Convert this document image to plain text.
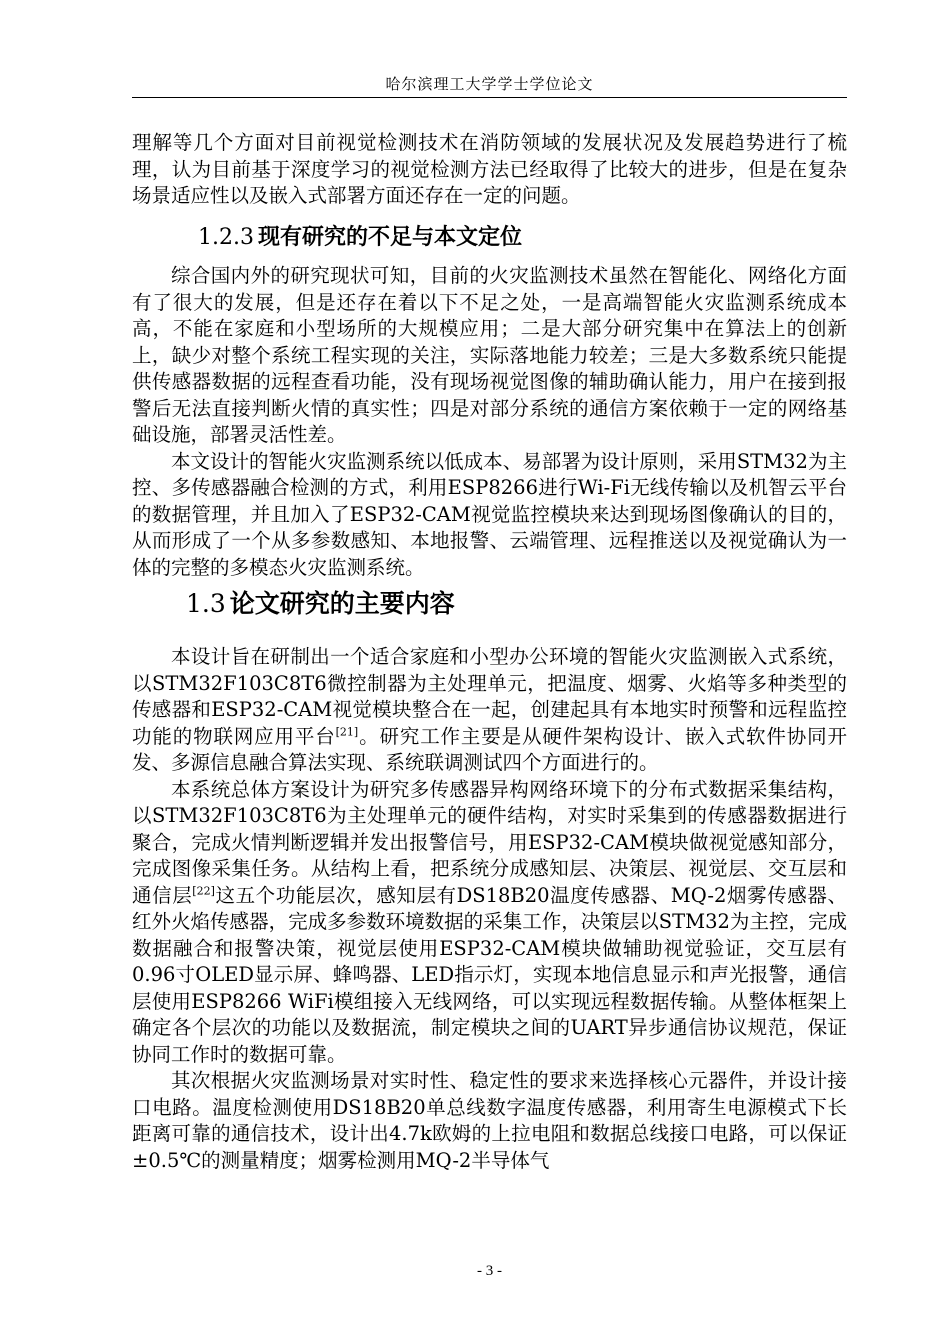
哈尔滨理工大学学士学位论文

理解等几个方面对目前视觉检测技术在消防领域的发展状况及发展趋势进行了梳理，认为目前基于深度学习的视觉检测方法已经取得了比较大的进步，但是在复杂场景适应性以及嵌入式部署方面还存在一定的问题。

1.2.3 现有研究的不足与本文定位

综合国内外的研究现状可知，目前的火灾监测技术虽然在智能化、网络化方面有了很大的发展，但是还存在着以下不足之处，一是高端智能火灾监测系统成本高，不能在家庭和小型场所的大规模应用；二是大部分研究集中在算法上的创新上，缺少对整个系统工程实现的关注，实际落地能力较差；三是大多数系统只能提供传感器数据的远程查看功能，没有现场视觉图像的辅助确认能力，用户在接到报警后无法直接判断火情的真实性；四是对部分系统的通信方案依赖于一定的网络基础设施，部署灵活性差。

本文设计的智能火灾监测系统以低成本、易部署为设计原则，采用STM32为主控、多传感器融合检测的方式，利用ESP8266进行Wi-Fi无线传输以及机智云平台的数据管理，并且加入了ESP32-CAM视觉监控模块来达到现场图像确认的目的，从而形成了一个从多参数感知、本地报警、云端管理、远程推送以及视觉确认为一体的完整的多模态火灾监测系统。

1.3 论文研究的主要内容

本设计旨在研制出一个适合家庭和小型办公环境的智能火灾监测嵌入式系统，以STM32F103C8T6微控制器为主处理单元，把温度、烟雾、火焰等多种类型的传感器和ESP32-CAM视觉模块整合在一起，创建起具有本地实时预警和远程监控功能的物联网应用平台[21]。研究工作主要是从硬件架构设计、嵌入式软件协同开发、多源信息融合算法实现、系统联调测试四个方面进行的。

本系统总体方案设计为研究多传感器异构网络环境下的分布式数据采集结构，以STM32F103C8T6为主处理单元的硬件结构，对实时采集到的传感器数据进行聚合，完成火情判断逻辑并发出报警信号，用ESP32-CAM模块做视觉感知部分，完成图像采集任务。从结构上看，把系统分成感知层、决策层、视觉层、交互层和通信层[22]这五个功能层次，感知层有DS18B20温度传感器、MQ-2烟雾传感器、红外火焰传感器，完成多参数环境数据的采集工作，决策层以STM32为主控，完成数据融合和报警决策，视觉层使用ESP32-CAM模块做辅助视觉验证，交互层有0.96寸OLED显示屏、蜂鸣器、LED指示灯，实现本地信息显示和声光报警，通信层使用ESP8266 WiFi模组接入无线网络，可以实现远程数据传输。从整体框架上确定各个层次的功能以及数据流，制定模块之间的UART异步通信协议规范，保证协同工作时的数据可靠。

其次根据火灾监测场景对实时性、稳定性的要求来选择核心元器件，并设计接口电路。温度检测使用DS18B20单总线数字温度传感器，利用寄生电源模式下长距离可靠的通信技术，设计出4.7k欧姆的上拉电阻和数据总线接口电路，可以保证±0.5℃的测量精度；烟雾检测用MQ-2半导体气

- 3 -
